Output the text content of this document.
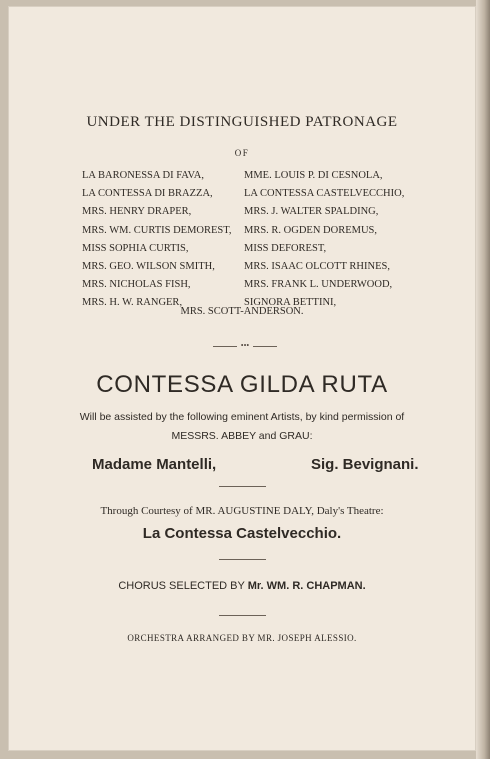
UNDER THE DISTINGUISHED PATRONAGE
OF
LA BARONESSA DI FAVA,
LA CONTESSA DI BRAZZA,
MRS. HENRY DRAPER,
MRS. WM. CURTIS DEMOREST,
MISS SOPHIA CURTIS,
MRS. GEO. WILSON SMITH,
MRS. NICHOLAS FISH,
MRS. H. W. RANGER,
MME. LOUIS P. DI CESNOLA,
LA CONTESSA CASTELVECCHIO,
MRS. J. WALTER SPALDING,
MRS. R. OGDEN DOREMUS,
MISS DEFOREST,
MRS. ISAAC OLCOTT RHINES,
MRS. FRANK L. UNDERWOOD,
SIGNORA BETTINI,
MRS. SCOTT-ANDERSON.
•••
CONTESSA GILDA RUTA
Will be assisted by the following eminent Artists, by kind permission of
MESSRS. ABBEY and GRAU:
Madame Mantelli,	Sig. Bevignani.
Through Courtesy of MR. AUGUSTINE DALY, Daly's Theatre:
La Contessa Castelvecchio.
CHORUS SELECTED BY Mr. WM. R. CHAPMAN.
ORCHESTRA ARRANGED BY MR. JOSEPH ALESSIO.
